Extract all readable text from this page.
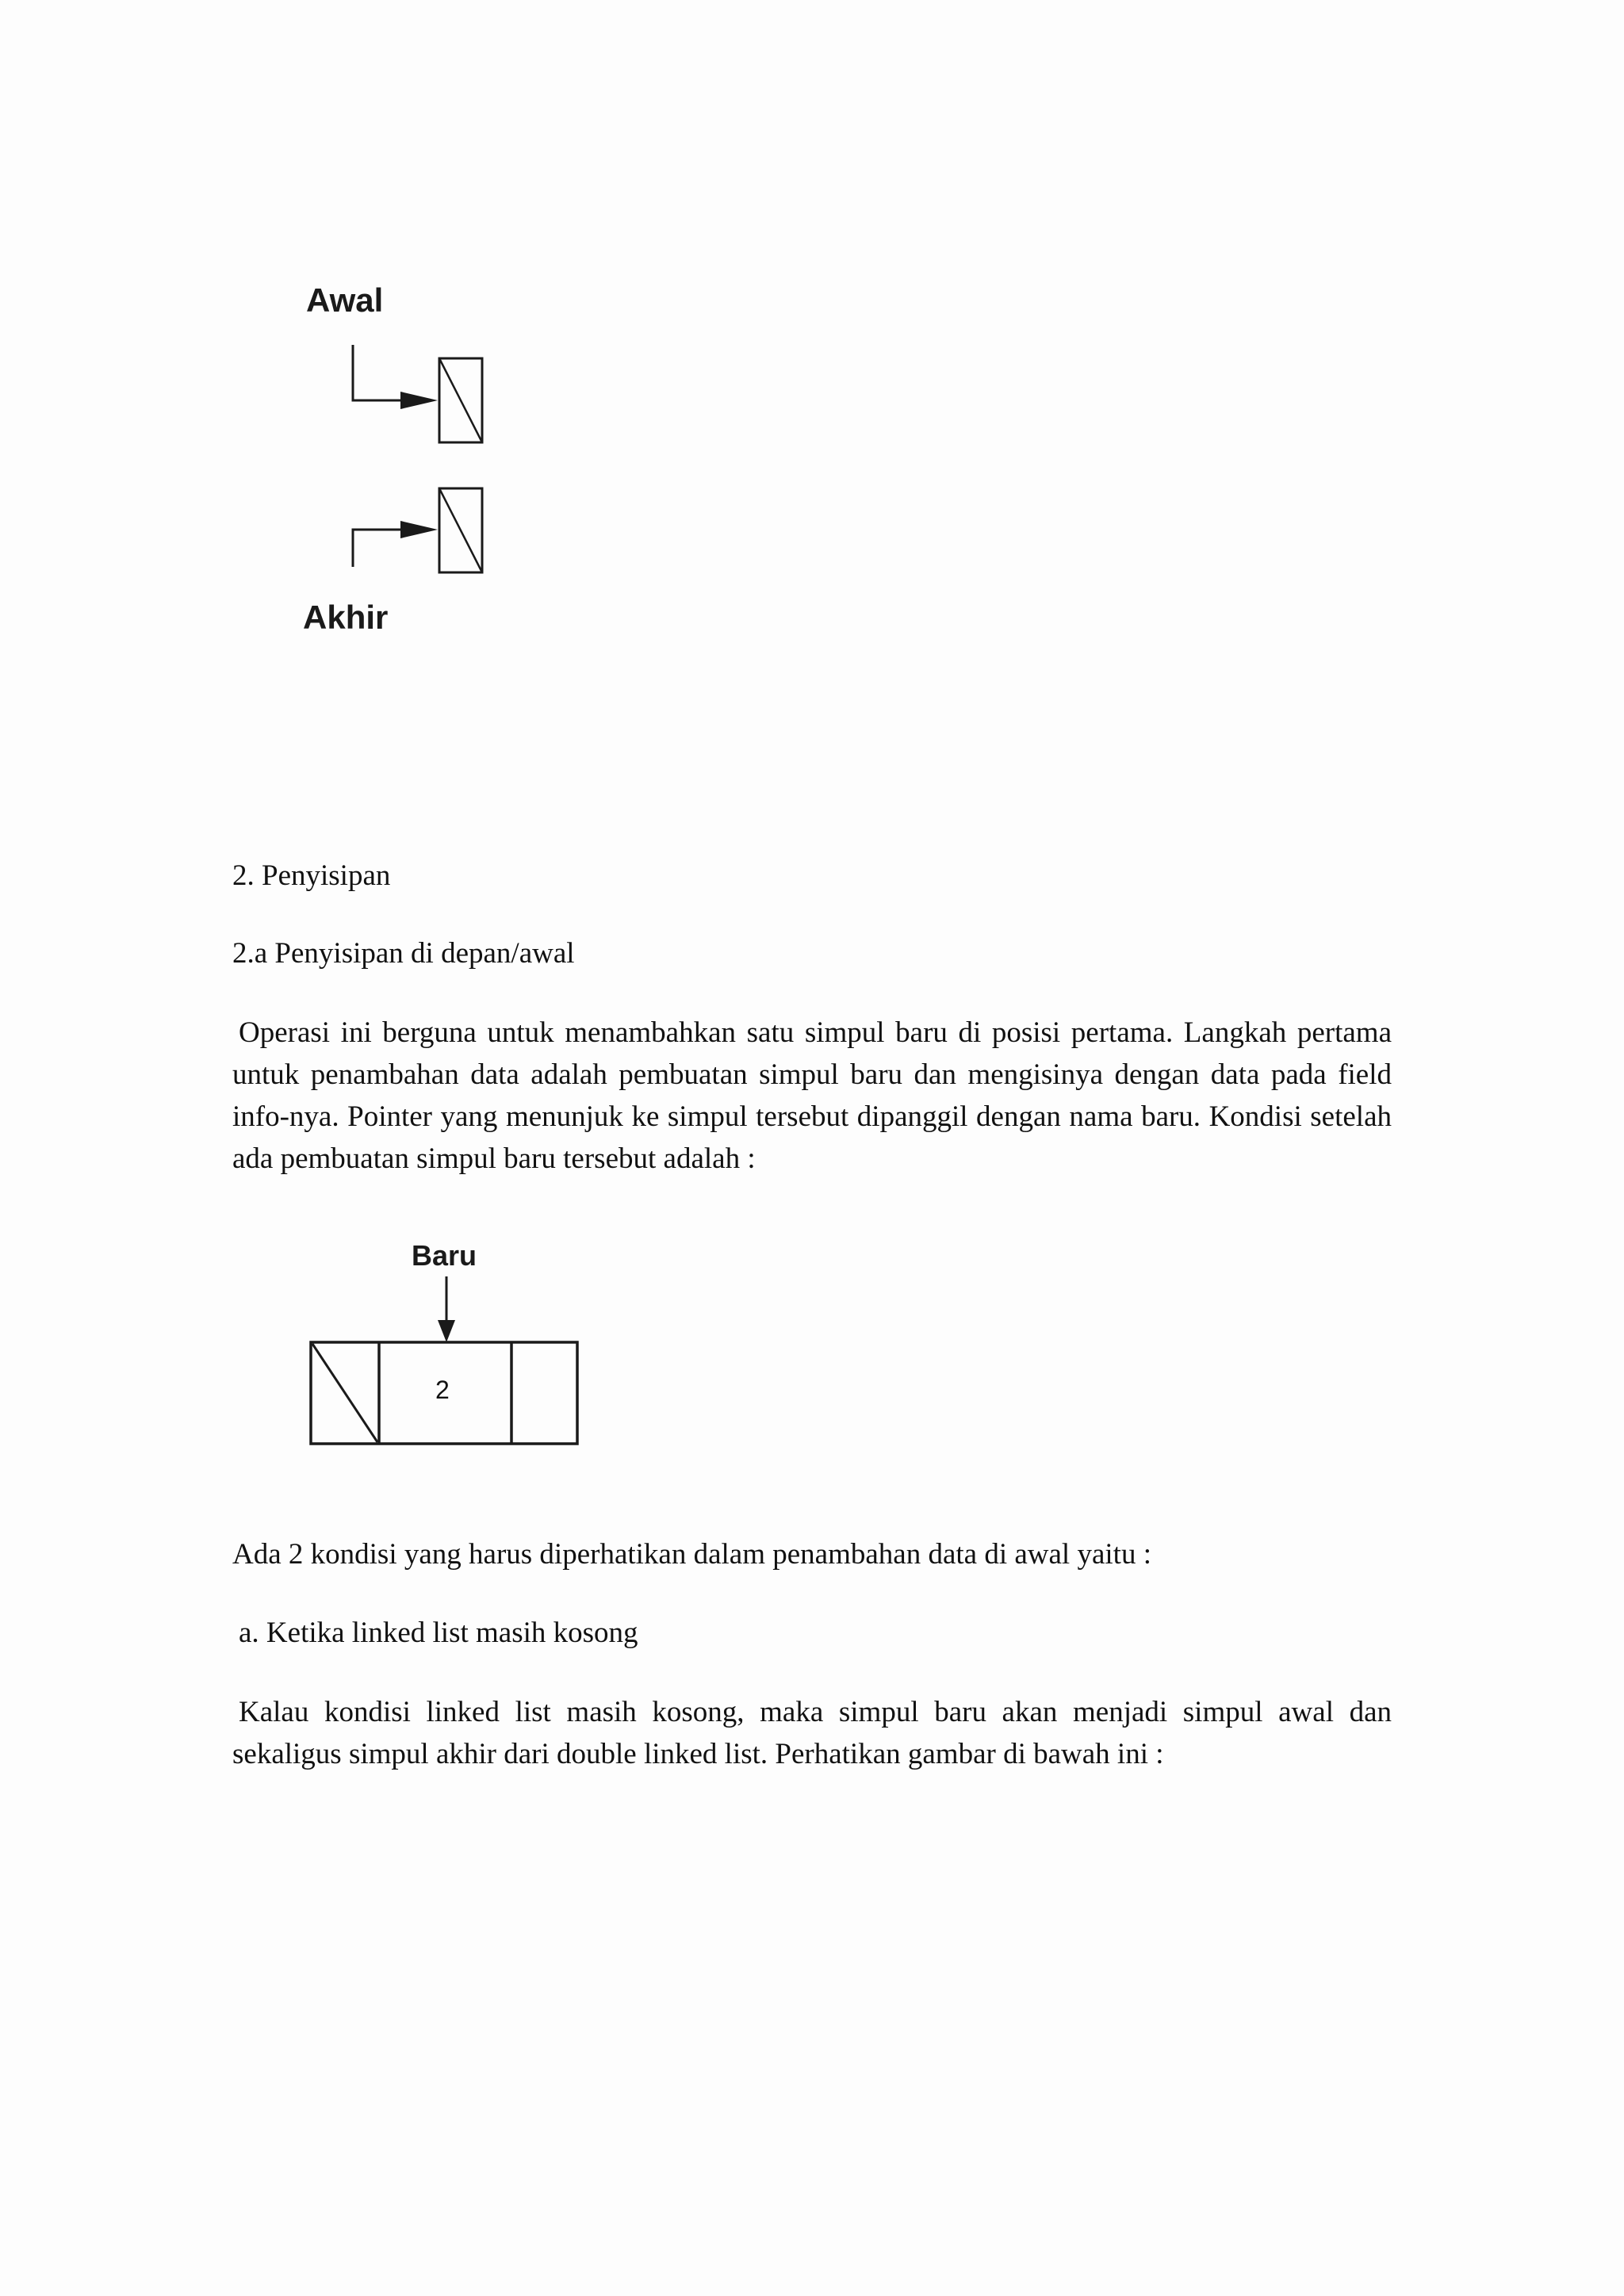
Awal

Akhir

2. Penyisipan

2.a Penyisipan di depan/awal

Operasi ini berguna untuk menambahkan satu simpul baru di posisi pertama. Langkah pertama untuk penambahan data adalah pembuatan simpul baru dan mengisinya dengan data pada field info-nya. Pointer yang menunjuk ke simpul tersebut dipanggil dengan nama baru. Kondisi setelah ada pembuatan simpul baru tersebut adalah :

Baru

2

Ada 2 kondisi yang harus diperhatikan dalam penambahan data di awal yaitu :

a. Ketika linked list masih kosong

Kalau kondisi linked list masih kosong, maka simpul baru akan menjadi simpul awal dan sekaligus simpul akhir dari double linked list. Perhatikan gambar di bawah ini :
